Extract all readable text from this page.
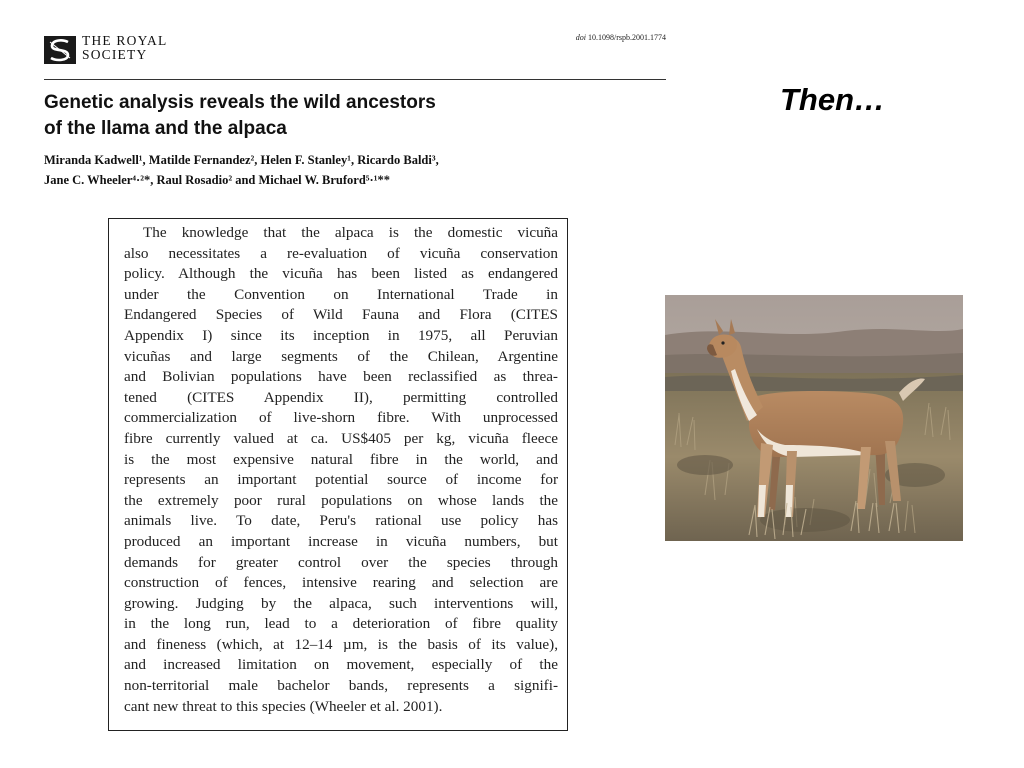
THE ROYAL
SOCIETY
doi 10.1098/rspb.2001.1774
Genetic analysis reveals the wild ancestors
of the llama and the alpaca
Miranda Kadwell¹, Matilde Fernandez², Helen F. Stanley¹, Ricardo Baldi³,
Jane C. Wheeler⁴·²*, Raul Rosadio² and Michael W. Bruford⁵·¹**
Then…
The knowledge that the alpaca is the domestic vicuña
also necessitates a re-evaluation of vicuña conservation
policy. Although the vicuña has been listed as endangered
under the Convention on International Trade in
Endangered Species of Wild Fauna and Flora (CITES
Appendix I) since its inception in 1975, all Peruvian
vicuñas and large segments of the Chilean, Argentine
and Bolivian populations have been reclassified as threa-
tened (CITES Appendix II), permitting controlled
commercialization of live-shorn fibre. With unprocessed
fibre currently valued at ca. US$405 per kg, vicuña fleece
is the most expensive natural fibre in the world, and
represents an important potential source of income for
the extremely poor rural populations on whose lands the
animals live. To date, Peru's rational use policy has
produced an important increase in vicuña numbers, but
demands for greater control over the species through
construction of fences, intensive rearing and selection are
growing. Judging by the alpaca, such interventions will,
in the long run, lead to a deterioration of fibre quality
and fineness (which, at 12–14 µm, is the basis of its value),
and increased limitation on movement, especially of the
non-territorial male bachelor bands, represents a signifi-
cant new threat to this species (Wheeler et al. 2001).
